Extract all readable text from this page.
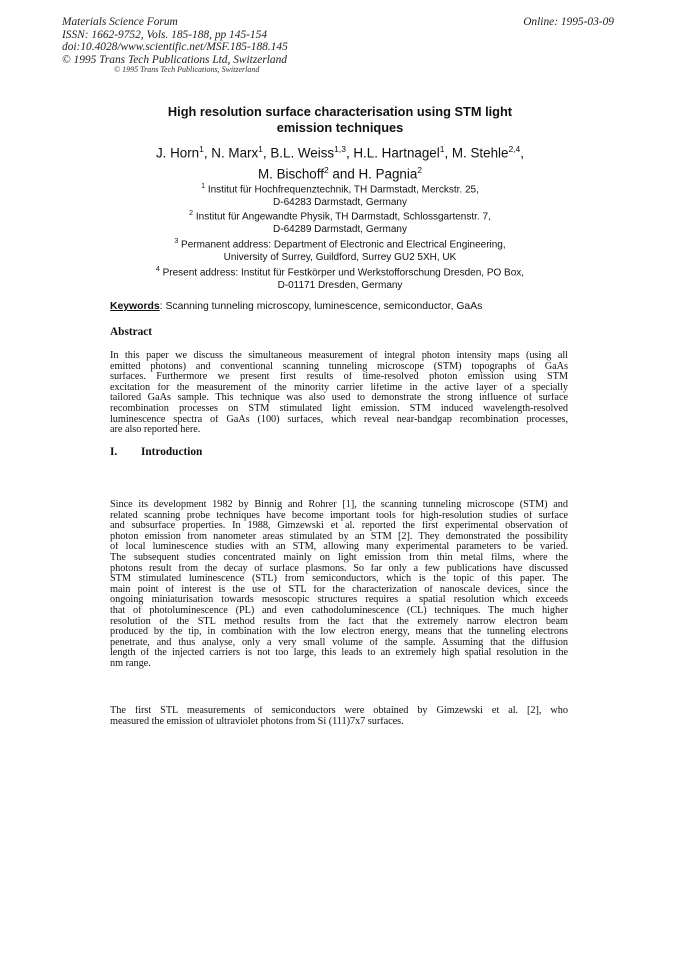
Materials Science Forum
ISSN: 1662-9752, Vols. 185-188, pp 145-154
doi:10.4028/www.scientific.net/MSF.185-188.145
© 1995 Trans Tech Publications Ltd, Switzerland
Online: 1995-03-09
© 1995 Trans Tech Publications, Switzerland
High resolution surface characterisation using STM light
emission techniques
J. Horn$^1$, N. Marx$^1$, B.L. Weiss$^{1,3}$, H.L. Hartnagel$^1$, M. Stehle$^{2,4}$,
M. Bischoff$^2$ and H. Pagnia$^2$
$^1$ Institut für Hochfrequenztechnik, TH Darmstadt, Merckstr. 25,
D-64283 Darmstadt, Germany
$^2$ Institut für Angewandte Physik, TH Darmstadt, Schlossgartenstr. 7,
D-64289 Darmstadt, Germany
$^3$ Permanent address: Department of Electronic and Electrical Engineering,
University of Surrey, Guildford, Surrey GU2 5XH, UK
$^4$ Present address: Institut für Festkörper und Werkstofforschung Dresden, PO Box,
D-01171 Dresden, Germany
Keywords: Scanning tunneling microscopy, luminescence, semiconductor, GaAs
Abstract
In this paper we discuss the simultaneous measurement of integral photon intensity maps (using all
emitted photons) and conventional scanning tunneling microscope (STM) topographs of GaAs
surfaces. Furthermore we present first results of time-resolved photon emission using STM
excitation for the measurement of the minority carrier lifetime in the active layer of a specially
tailored GaAs sample. This technique was also used to demonstrate the strong influence of surface
recombination processes on STM stimulated light emission. STM induced wavelength-resolved
luminescence spectra of GaAs (100) surfaces, which reveal near-bandgap recombination processes,
are also reported here.
I. Introduction
Since its development 1982 by Binnig and Rohrer [1], the scanning tunneling microscope (STM) and
related scanning probe techniques have become important tools for high-resolution studies of surface
and subsurface properties. In 1988, Gimzewski et al. reported the first experimental observation of
photon emission from nanometer areas stimulated by an STM [2]. They demonstrated the possibility
of local luminescence studies with an STM, allowing many experimental parameters to be varied.
The subsequent studies concentrated mainly on light emission from thin metal films, where the
photons result from the decay of surface plasmons. So far only a few publications have discussed
STM stimulated luminescence (STL) from semiconductors, which is the topic of this paper. The
main point of interest is the use of STL for the characterization of nanoscale devices, since the
ongoing miniaturisation towards mesoscopic structures requires a spatial resolution which exceeds
that of photoluminescence (PL) and even cathodoluminescence (CL) techniques. The much higher
resolution of the STL method results from the fact that the extremely narrow electron beam
produced by the tip, in combination with the low electron energy, means that the tunneling electrons
penetrate, and thus analyse, only a very small volume of the sample. Assuming that the diffusion
length of the injected carriers is not too large, this leads to an extremely high spatial resolution in the
nm range.
The first STL measurements of semiconductors were obtained by Gimzewski et al. [2], who
measured the emission of ultraviolet photons from Si (111)7x7 surfaces.
